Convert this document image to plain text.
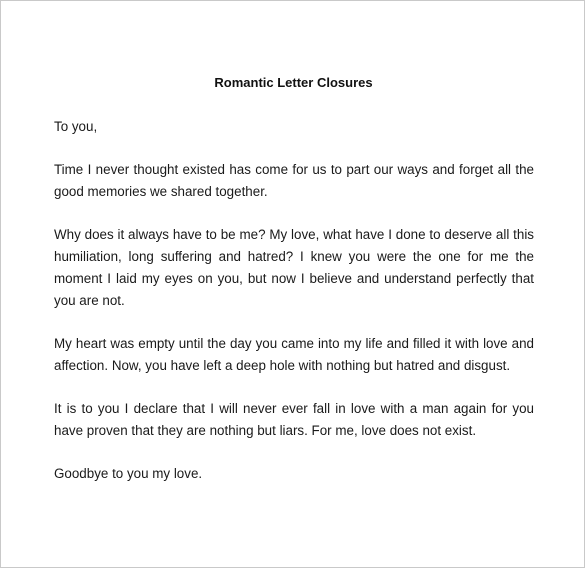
Romantic Letter Closures

To you,

Time I never thought existed has come for us to part our ways and forget all the good memories we shared together.

Why does it always have to be me? My love, what have I done to deserve all this humiliation, long suffering and hatred? I knew you were the one for me the moment I laid my eyes on you, but now I believe and understand perfectly that you are not.

My heart was empty until the day you came into my life and filled it with love and affection. Now, you have left a deep hole with nothing but hatred and disgust.

It is to you I declare that I will never ever fall in love with a man again for you have proven that they are nothing but liars. For me, love does not exist.

Goodbye to you my love.
